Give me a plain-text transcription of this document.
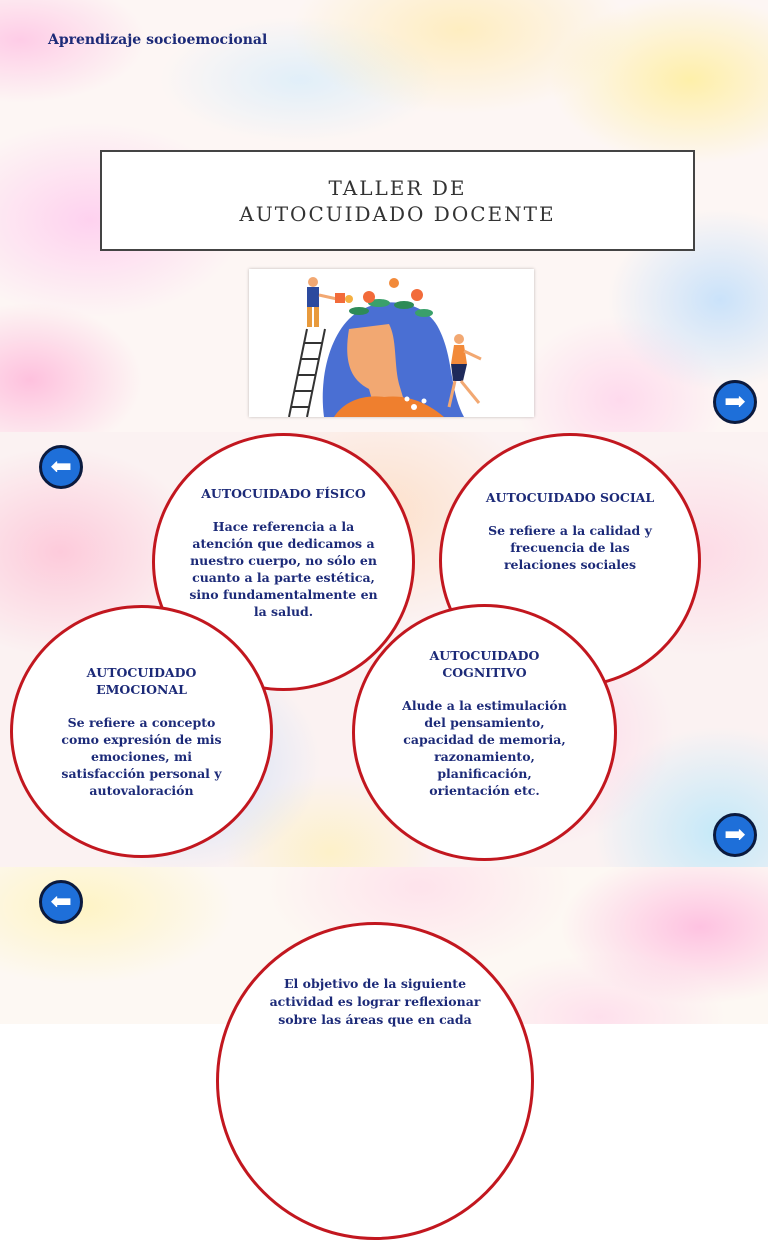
Aprendizaje socioemocional
TALLER DE
AUTOCUIDADO DOCENTE
➡
⬅
AUTOCUIDADO FÍSICO
Hace referencia a la atención que dedicamos a nuestro cuerpo, no sólo en cuanto a la parte estética, sino fundamentalmente en la salud.
AUTOCUIDADO SOCIAL
Se refiere a la calidad y frecuencia de las relaciones sociales
AUTOCUIDADO EMOCIONAL
Se refiere a concepto como expresión de mis emociones, mi satisfacción personal y autovaloración
AUTOCUIDADO COGNITIVO
Alude a la estimulación del pensamiento, capacidad de memoria, razonamiento, planificación, orientación etc.
➡
⬅
El objetivo de la siguiente actividad es lograr reflexionar sobre las áreas que en cada
